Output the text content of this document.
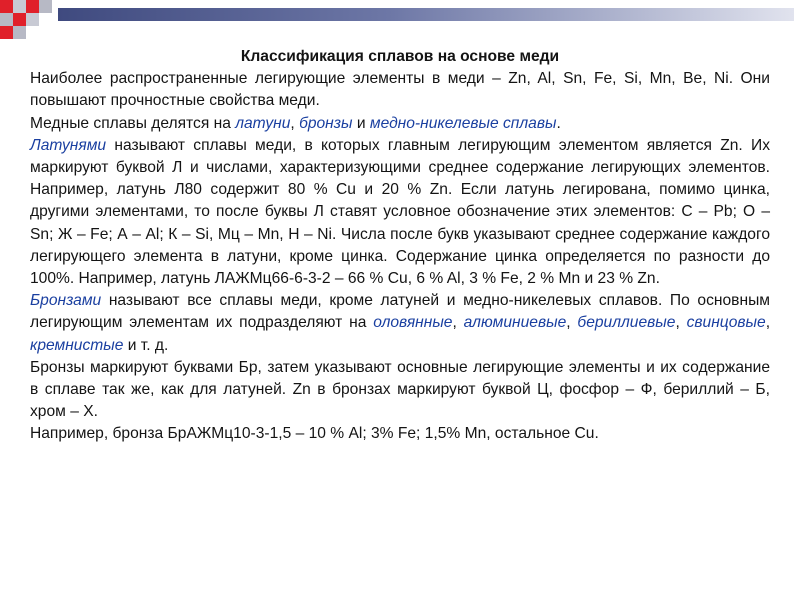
Классификация сплавов на основе меди

Наиболее распространенные легирующие элементы в меди – Zn, Al, Sn, Fe, Si, Mn, Be, Ni. Они повышают прочностные свойства меди.

Медные сплавы делятся на латуни, бронзы и медно-никелевые сплавы.

Латунями называют сплавы меди, в которых главным легирующим элементом является Zn. Их маркируют буквой Л и числами, характеризующими среднее содержание легирующих элементов. Например, латунь Л80 содержит 80 % Cu и 20 % Zn. Если латунь легирована, помимо цинка, другими элементами, то после буквы Л ставят условное обозначение этих элементов: С – Pb; О – Sn; Ж – Fe; А – Al; К – Si, Мц – Mn, Н – Ni. Числа после букв указывают среднее содержание каждого легирующего элемента в латуни, кроме цинка. Содержание цинка определяется по разности до 100%. Например, латунь ЛАЖМц66-6-3-2 – 66 % Cu, 6 % Al, 3 % Fe, 2 % Mn и 23 % Zn.

Бронзами называют все сплавы меди, кроме латуней и медно-никелевых сплавов. По основным легирующим элементам их подразделяют на оловянные, алюминиевые, бериллиевые, свинцовые, кремнистые и т. д.

Бронзы маркируют буквами Бр, затем указывают основные легирующие элементы и их содержание в сплаве так же, как для латуней. Zn в бронзах маркируют буквой Ц, фосфор – Ф, бериллий – Б, хром – Х.

Например, бронза БрАЖМц10-3-1,5 – 10 % Al; 3% Fe; 1,5% Mn, остальное Cu.
